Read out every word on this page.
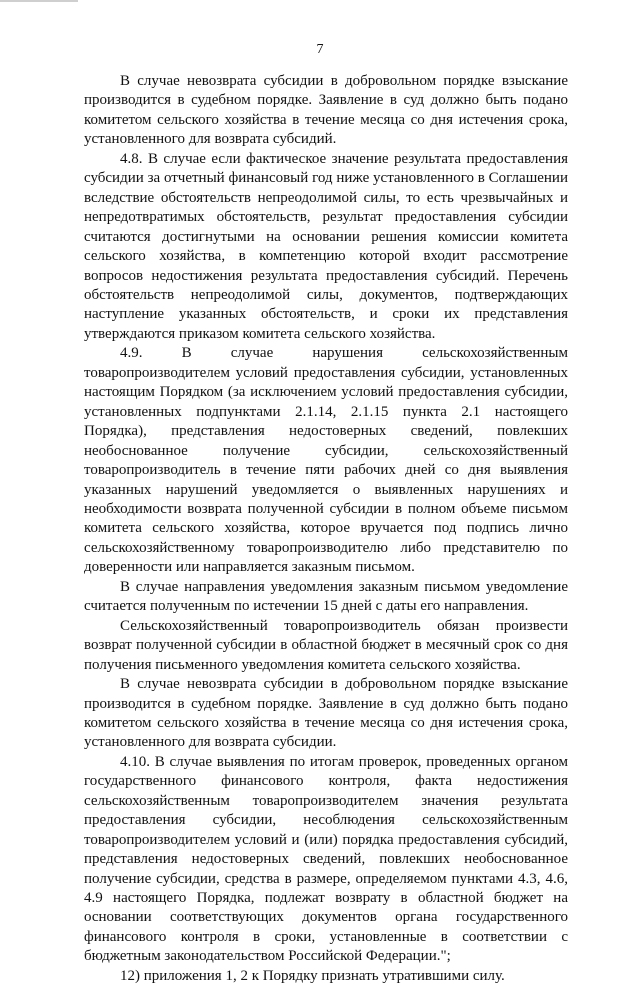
7

В случае невозврата субсидии в добровольном порядке взыскание производится в судебном порядке. Заявление в суд должно быть подано комитетом сельского хозяйства в течение месяца со дня истечения срока, установленного для возврата субсидий.

4.8. В случае если фактическое значение результата предоставления субсидии за отчетный финансовый год ниже установленного в Соглашении вследствие обстоятельств непреодолимой силы, то есть чрезвычайных и непредотвратимых обстоятельств, результат предоставления субсидии считаются достигнутыми на основании решения комиссии комитета сельского хозяйства, в компетенцию которой входит рассмотрение вопросов недостижения результата предоставления субсидий. Перечень обстоятельств непреодолимой силы, документов, подтверждающих наступление указанных обстоятельств, и сроки их представления утверждаются приказом комитета сельского хозяйства.

4.9. В случае нарушения сельскохозяйственным товаропроизводителем условий предоставления субсидии, установленных настоящим Порядком (за исключением условий предоставления субсидии, установленных подпунктами 2.1.14, 2.1.15 пункта 2.1 настоящего Порядка), представления недостоверных сведений, повлекших необоснованное получение субсидии, сельскохозяйственный товаропроизводитель в течение пяти рабочих дней со дня выявления указанных нарушений уведомляется о выявленных нарушениях и необходимости возврата полученной субсидии в полном объеме письмом комитета сельского хозяйства, которое вручается под подпись лично сельскохозяйственному товаропроизводителю либо представителю по доверенности или направляется заказным письмом.

В случае направления уведомления заказным письмом уведомление считается полученным по истечении 15 дней с даты его направления.

Сельскохозяйственный товаропроизводитель обязан произвести возврат полученной субсидии в областной бюджет в месячный срок со дня получения письменного уведомления комитета сельского хозяйства.

В случае невозврата субсидии в добровольном порядке взыскание производится в судебном порядке. Заявление в суд должно быть подано комитетом сельского хозяйства в течение месяца со дня истечения срока, установленного для возврата субсидии.

4.10. В случае выявления по итогам проверок, проведенных органом государственного финансового контроля, факта недостижения сельскохозяйственным товаропроизводителем значения результата предоставления субсидии, несоблюдения сельскохозяйственным товаропроизводителем условий и (или) порядка предоставления субсидий, представления недостоверных сведений, повлекших необоснованное получение субсидии, средства в размере, определяемом пунктами 4.3, 4.6, 4.9 настоящего Порядка, подлежат возврату в областной бюджет на основании соответствующих документов органа государственного финансового контроля в сроки, установленные в соответствии с бюджетным законодательством Российской Федерации.";

12) приложения 1, 2 к Порядку признать утратившими силу.
